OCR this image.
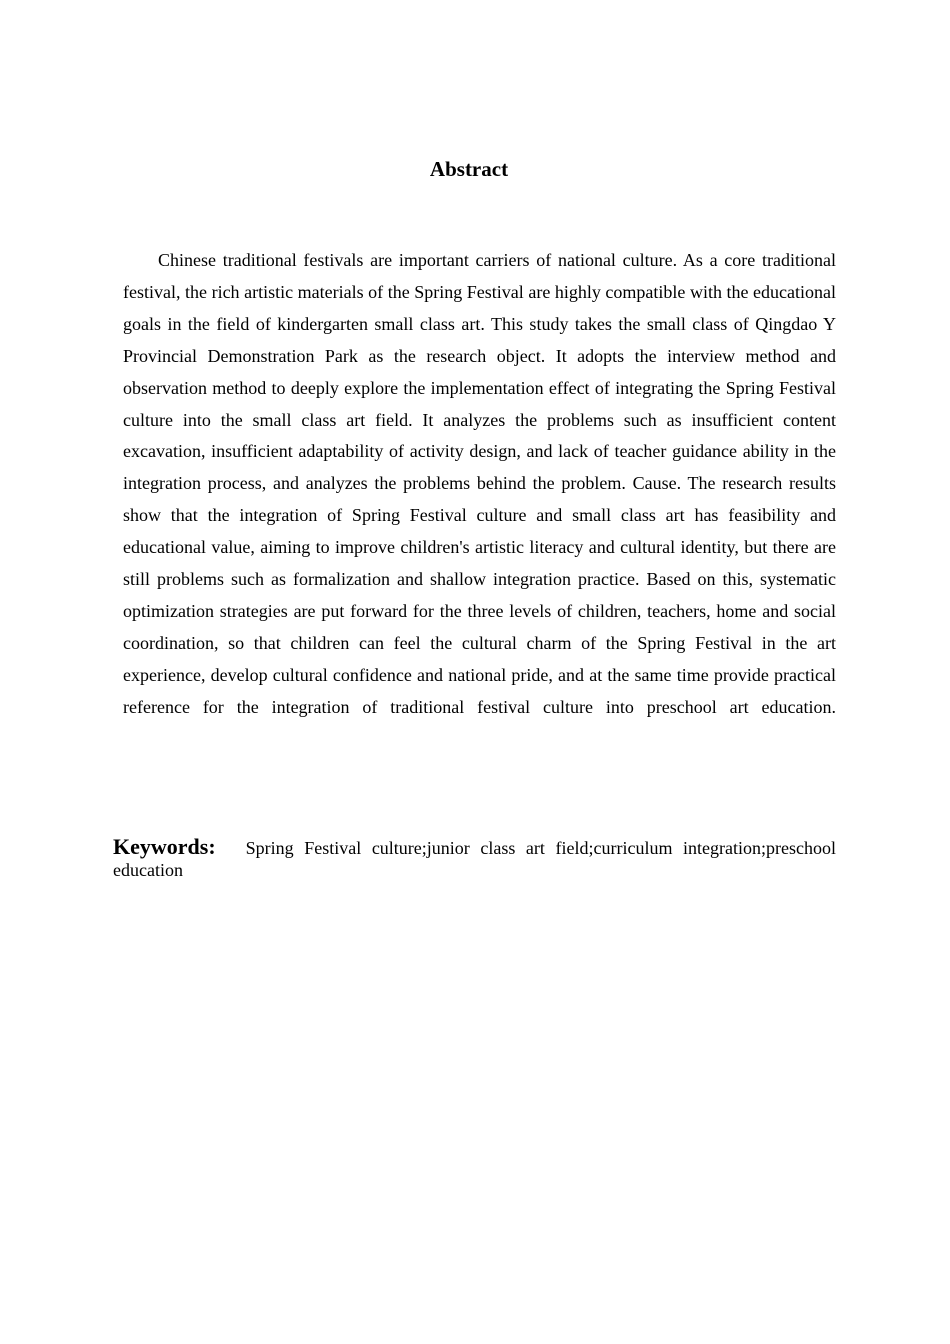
Abstract

Chinese traditional festivals are important carriers of national culture. As a core traditional festival, the rich artistic materials of the Spring Festival are highly compatible with the educational goals in the field of kindergarten small class art. This study takes the small class of Qingdao Y Provincial Demonstration Park as the research object. It adopts the interview method and observation method to deeply explore the implementation effect of integrating the Spring Festival culture into the small class art field. It analyzes the problems such as insufficient content excavation, insufficient adaptability of activity design, and lack of teacher guidance ability in the integration process, and analyzes the problems behind the problem. Cause. The research results show that the integration of Spring Festival culture and small class art has feasibility and educational value, aiming to improve children's artistic literacy and cultural identity, but there are still problems such as formalization and shallow integration practice. Based on this, systematic optimization strategies are put forward for the three levels of children, teachers, home and social coordination, so that children can feel the cultural charm of the Spring Festival in the art experience, develop cultural confidence and national pride, and at the same time provide practical reference for the integration of traditional festival culture into preschool art education.

Keywords: Spring Festival culture;junior class art field;curriculum integration;preschool education
